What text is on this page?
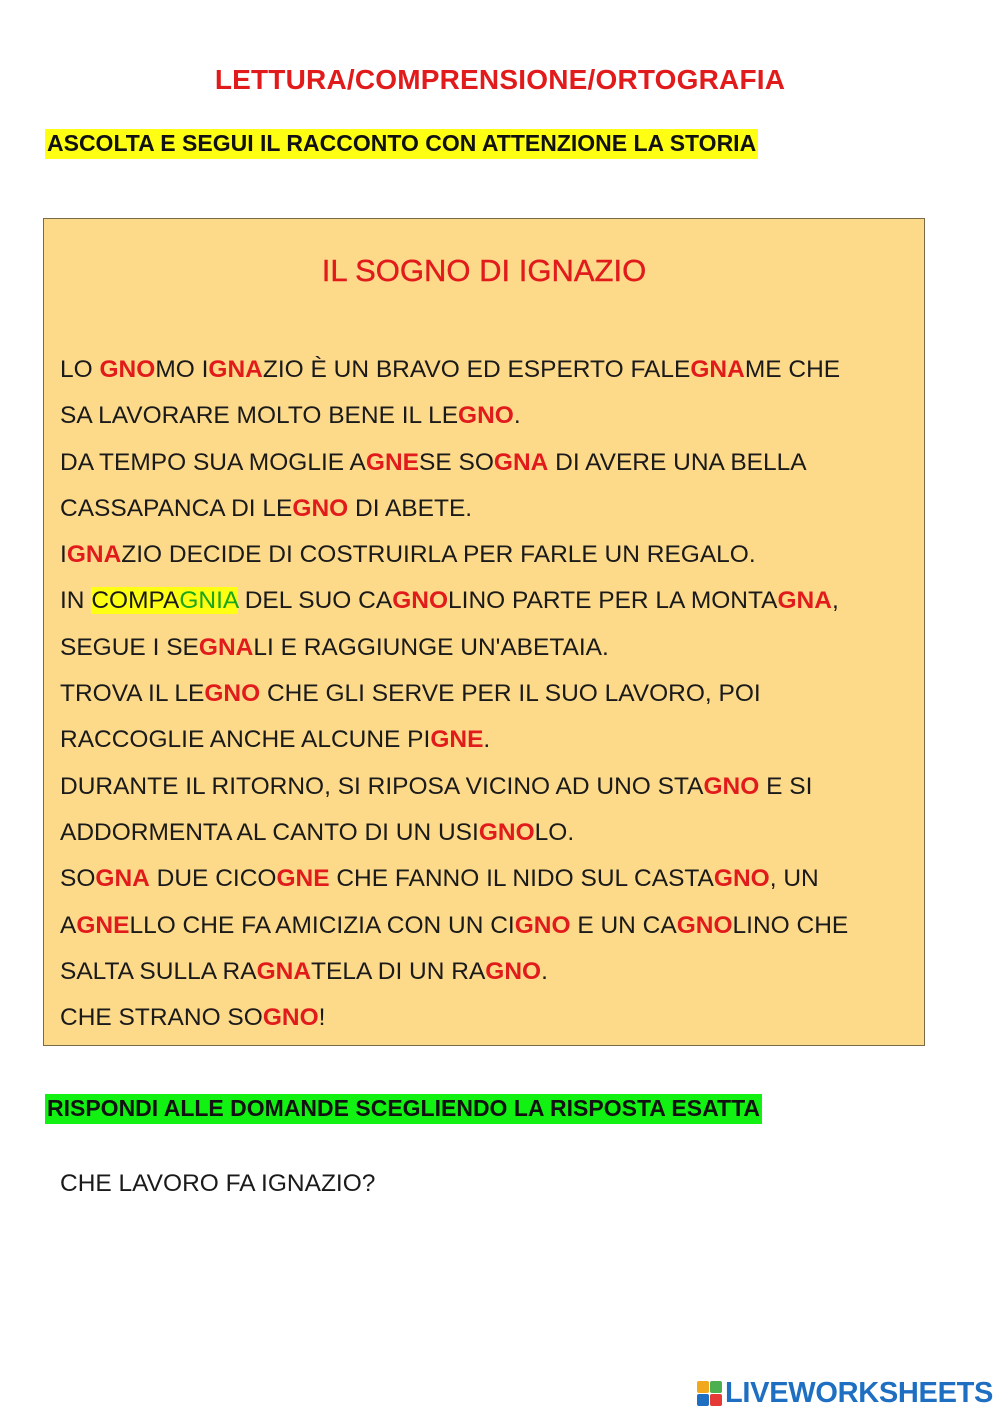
LETTURA/COMPRENSIONE/ORTOGRAFIA
ASCOLTA E SEGUI IL RACCONTO CON ATTENZIONE LA STORIA
IL SOGNO DI IGNAZIO
LO GNOMO IGNAZIO È UN BRAVO ED ESPERTO FALEGNAME CHE
SA LAVORARE MOLTO BENE IL LEGNO.
DA TEMPO SUA MOGLIE AGNESE SOGNA DI AVERE UNA BELLA
CASSAPANCA DI LEGNO DI ABETE.
IGNAZIO DECIDE DI COSTRUIRLA PER FARLE UN REGALO.
IN COMPAGNIA DEL SUO CAGNOLINO PARTE PER LA MONTAGNA,
SEGUE I SEGNALI E RAGGIUNGE UN'ABETAIA.
TROVA IL LEGNO CHE GLI SERVE PER IL SUO LAVORO, POI
RACCOGLIE ANCHE ALCUNE PIGNE.
DURANTE IL RITORNO, SI RIPOSA VICINO AD UNO STAGNO E SI
ADDORMENTA AL CANTO DI UN USIGNOLO.
SOGNA DUE CICOGNE CHE FANNO IL NIDO SUL CASTAGNO, UN
AGNELLO CHE FA AMICIZIA CON UN CIGNO E UN CAGNOLINO CHE
SALTA SULLA RAGNATELA DI UN RAGNO.
CHE STRANO SOGNO!
RISPONDI ALLE DOMANDE SCEGLIENDO LA RISPOSTA ESATTA
CHE LAVORO FA IGNAZIO?
LIVEWORKSHEETS
